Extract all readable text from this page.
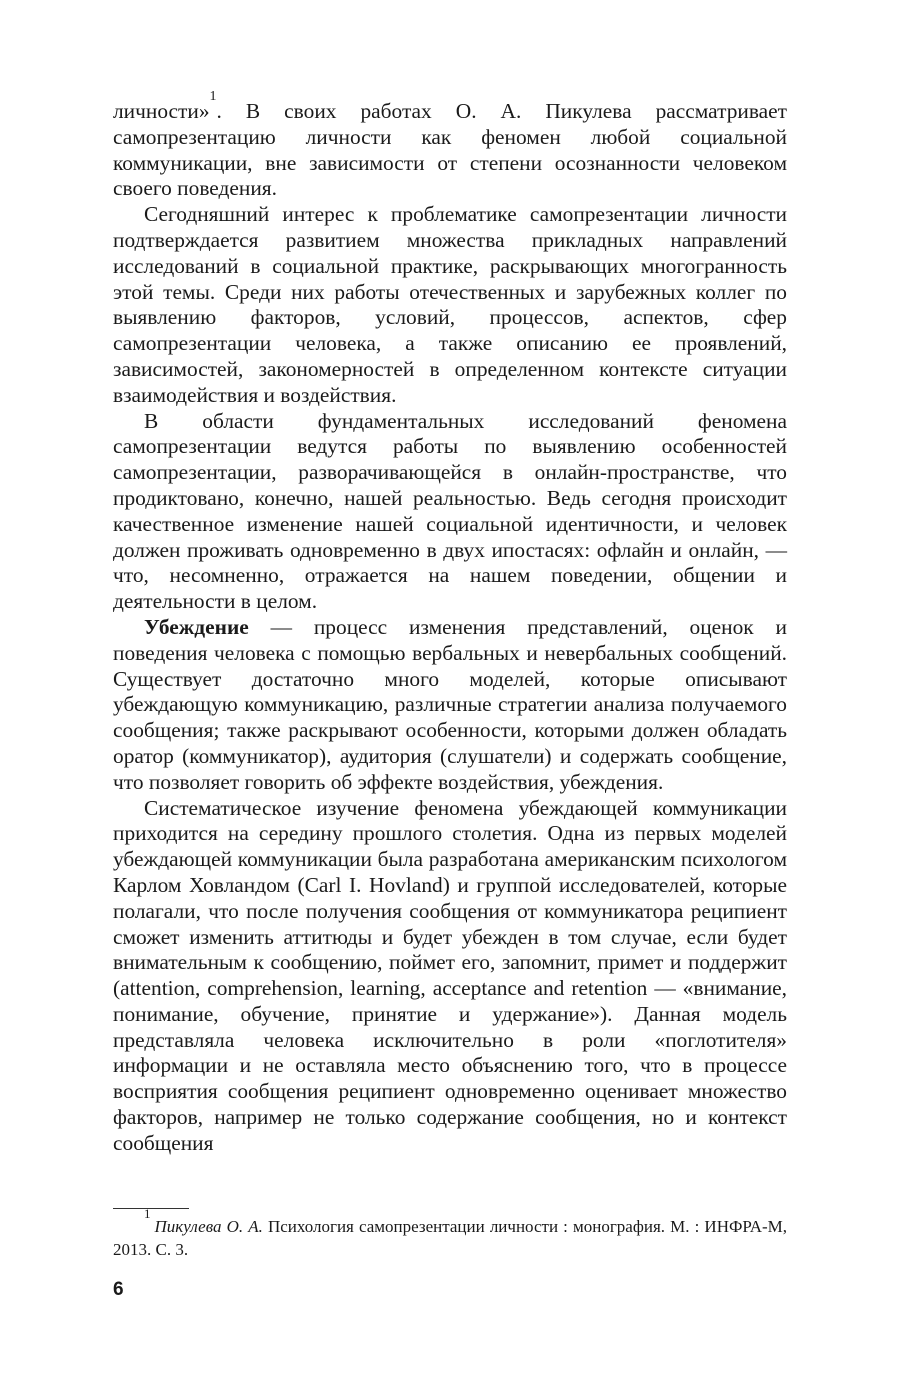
личности»$^1$. В своих работах О. А. Пикулева рассматривает самопрезентацию личности как феномен любой социальной коммуникации, вне зависимости от степени осознанности человеком своего поведения.

Сегодняшний интерес к проблематике самопрезентации личности подтверждается развитием множества прикладных направлений исследований в социальной практике, раскрывающих многогранность этой темы. Среди них работы отечественных и зарубежных коллег по выявлению факторов, условий, процессов, аспектов, сфер самопрезентации человека, а также описанию ее проявлений, зависимостей, закономерностей в определенном контексте ситуации взаимодействия и воздействия.

В области фундаментальных исследований феномена самопрезентации ведутся работы по выявлению особенностей самопрезентации, разворачивающейся в онлайн-пространстве, что продиктовано, конечно, нашей реальностью. Ведь сегодня происходит качественное изменение нашей социальной идентичности, и человек должен проживать одновременно в двух ипостасях: офлайн и онлайн, — что, несомненно, отражается на нашем поведении, общении и деятельности в целом.

Убеждение — процесс изменения представлений, оценок и поведения человека с помощью вербальных и невербальных сообщений. Существует достаточно много моделей, которые описывают убеждающую коммуникацию, различные стратегии анализа получаемого сообщения; также раскрывают особенности, которыми должен обладать оратор (коммуникатор), аудитория (слушатели) и содержать сообщение, что позволяет говорить об эффекте воздействия, убеждения.

Систематическое изучение феномена убеждающей коммуникации приходится на середину прошлого столетия. Одна из первых моделей убеждающей коммуникации была разработана американским психологом Карлом Ховландом (Carl I. Hovland) и группой исследователей, которые полагали, что после получения сообщения от коммуникатора реципиент сможет изменить аттитюды и будет убежден в том случае, если будет внимательным к сообщению, поймет его, запомнит, примет и поддержит (attention, comprehension, learning, acceptance and retention — «внимание, понимание, обучение, принятие и удержание»). Данная модель представляла человека исключительно в роли «поглотителя» информации и не оставляла место объяснению того, что в процессе восприятия сообщения реципиент одновременно оценивает множество факторов, например не только содержание сообщения, но и контекст сообщения

$^1$Пикулева О. А. Психология самопрезентации личности : монография. М. : ИНФРА-М, 2013. С. 3.

6
